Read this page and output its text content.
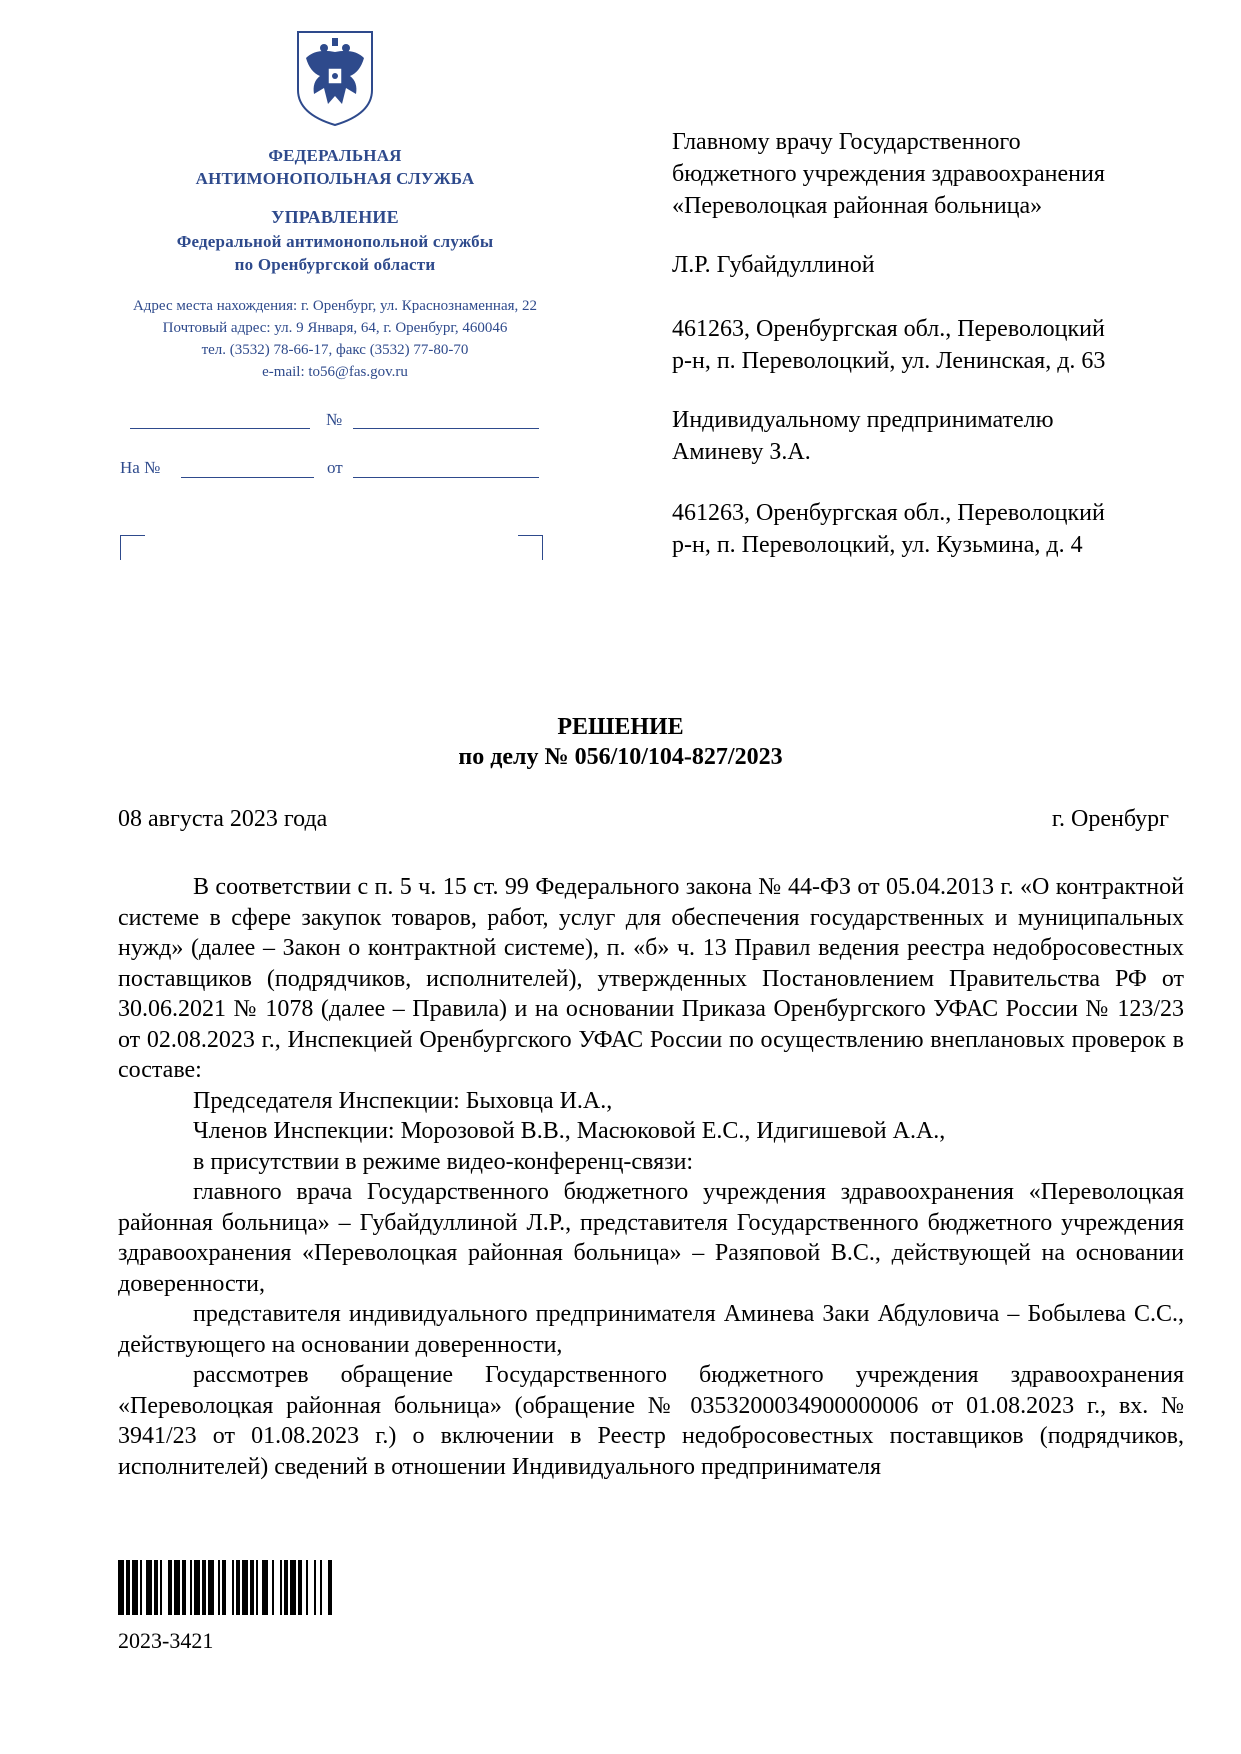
ФЕДЕРАЛЬНАЯ
АНТИМОНОПОЛЬНАЯ СЛУЖБА
УПРАВЛЕНИЕ
Федеральной антимонопольной службы
по Оренбургской области
Адрес места нахождения: г. Оренбург, ул. Краснознаменная, 22
Почтовый адрес: ул. 9 Января, 64, г. Оренбург, 460046
тел. (3532) 78-66-17, факс (3532) 77-80-70
e-mail: to56@fas.gov.ru
№
На №	от
Главному врачу Государственного
бюджетного учреждения здравоохранения
«Переволоцкая районная больница»
Л.Р. Губайдуллиной
461263, Оренбургская обл., Переволоцкий
р-н, п. Переволоцкий, ул. Ленинская, д. 63
Индивидуальному предпринимателю
Аминеву З.А.
461263, Оренбургская обл., Переволоцкий
р-н, п. Переволоцкий, ул. Кузьмина, д. 4
РЕШЕНИЕ
по делу № 056/10/104-827/2023
08 августа 2023 года	г. Оренбург

В соответствии с п. 5 ч. 15 ст. 99 Федерального закона № 44-ФЗ от 05.04.2013 г. «О контрактной системе в сфере закупок товаров, работ, услуг для обеспечения государственных и муниципальных нужд» (далее – Закон о контрактной системе), п. «б» ч. 13 Правил ведения реестра недобросовестных поставщиков (подрядчиков, исполнителей), утвержденных Постановлением Правительства РФ от 30.06.2021 № 1078 (далее – Правила) и на основании Приказа Оренбургского УФАС России № 123/23 от 02.08.2023 г., Инспекцией Оренбургского УФАС России по осуществлению внеплановых проверок в составе:

Председателя Инспекции: Быховца И.А.,

Членов Инспекции: Морозовой В.В., Масюковой Е.С., Идигишевой А.А.,

в присутствии в режиме видео-конференц-связи:

главного врача Государственного бюджетного учреждения здравоохранения «Переволоцкая районная больница» – Губайдуллиной Л.Р., представителя Государственного бюджетного учреждения здравоохранения «Переволоцкая районная больница» – Разяповой В.С., действующей на основании доверенности,

представителя индивидуального предпринимателя Аминева Заки Абдуловича – Бобылева С.С., действующего на основании доверенности,

рассмотрев обращение Государственного бюджетного учреждения здравоохранения «Переволоцкая районная больница» (обращение № 0353200034900000006 от 01.08.2023 г., вх. № 3941/23 от 01.08.2023 г.) о включении в Реестр недобросовестных поставщиков (подрядчиков, исполнителей) сведений в отношении Индивидуального предпринимателя

2023-3421
